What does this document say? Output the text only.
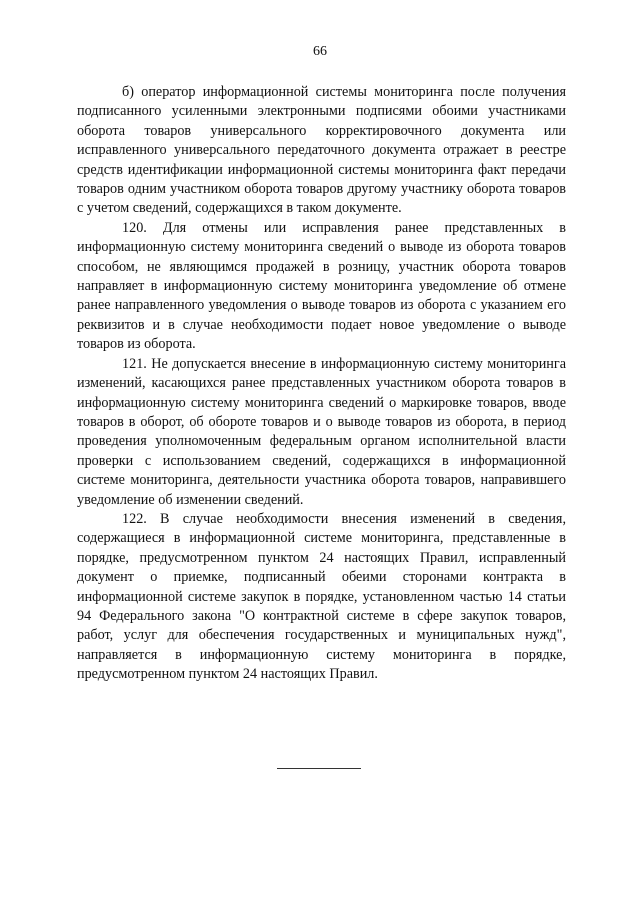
66

б) оператор информационной системы мониторинга после получения подписанного усиленными электронными подписями обоими участниками оборота товаров универсального корректировочного документа или исправленного универсального передаточного документа отражает в реестре средств идентификации информационной системы мониторинга факт передачи товаров одним участником оборота товаров другому участнику оборота товаров с учетом сведений, содержащихся в таком документе.

120. Для отмены или исправления ранее представленных в информационную систему мониторинга сведений о выводе из оборота товаров способом, не являющимся продажей в розницу, участник оборота товаров направляет в информационную систему мониторинга уведомление об отмене ранее направленного уведомления о выводе товаров из оборота с указанием его реквизитов и в случае необходимости подает новое уведомление о выводе товаров из оборота.

121. Не допускается внесение в информационную систему мониторинга изменений, касающихся ранее представленных участником оборота товаров в информационную систему мониторинга сведений о маркировке товаров, вводе товаров в оборот, об обороте товаров и о выводе товаров из оборота, в период проведения уполномоченным федеральным органом исполнительной власти проверки с использованием сведений, содержащихся в информационной системе мониторинга, деятельности участника оборота товаров, направившего уведомление об изменении сведений.

122. В случае необходимости внесения изменений в сведения, содержащиеся в информационной системе мониторинга, представленные в порядке, предусмотренном пунктом 24 настоящих Правил, исправленный документ о приемке, подписанный обеими сторонами контракта в информационной системе закупок в порядке, установленном частью 14 статьи 94 Федерального закона "О контрактной системе в сфере закупок товаров, работ, услуг для обеспечения государственных и муниципальных нужд", направляется в информационную систему мониторинга в порядке, предусмотренном пунктом 24 настоящих Правил.
